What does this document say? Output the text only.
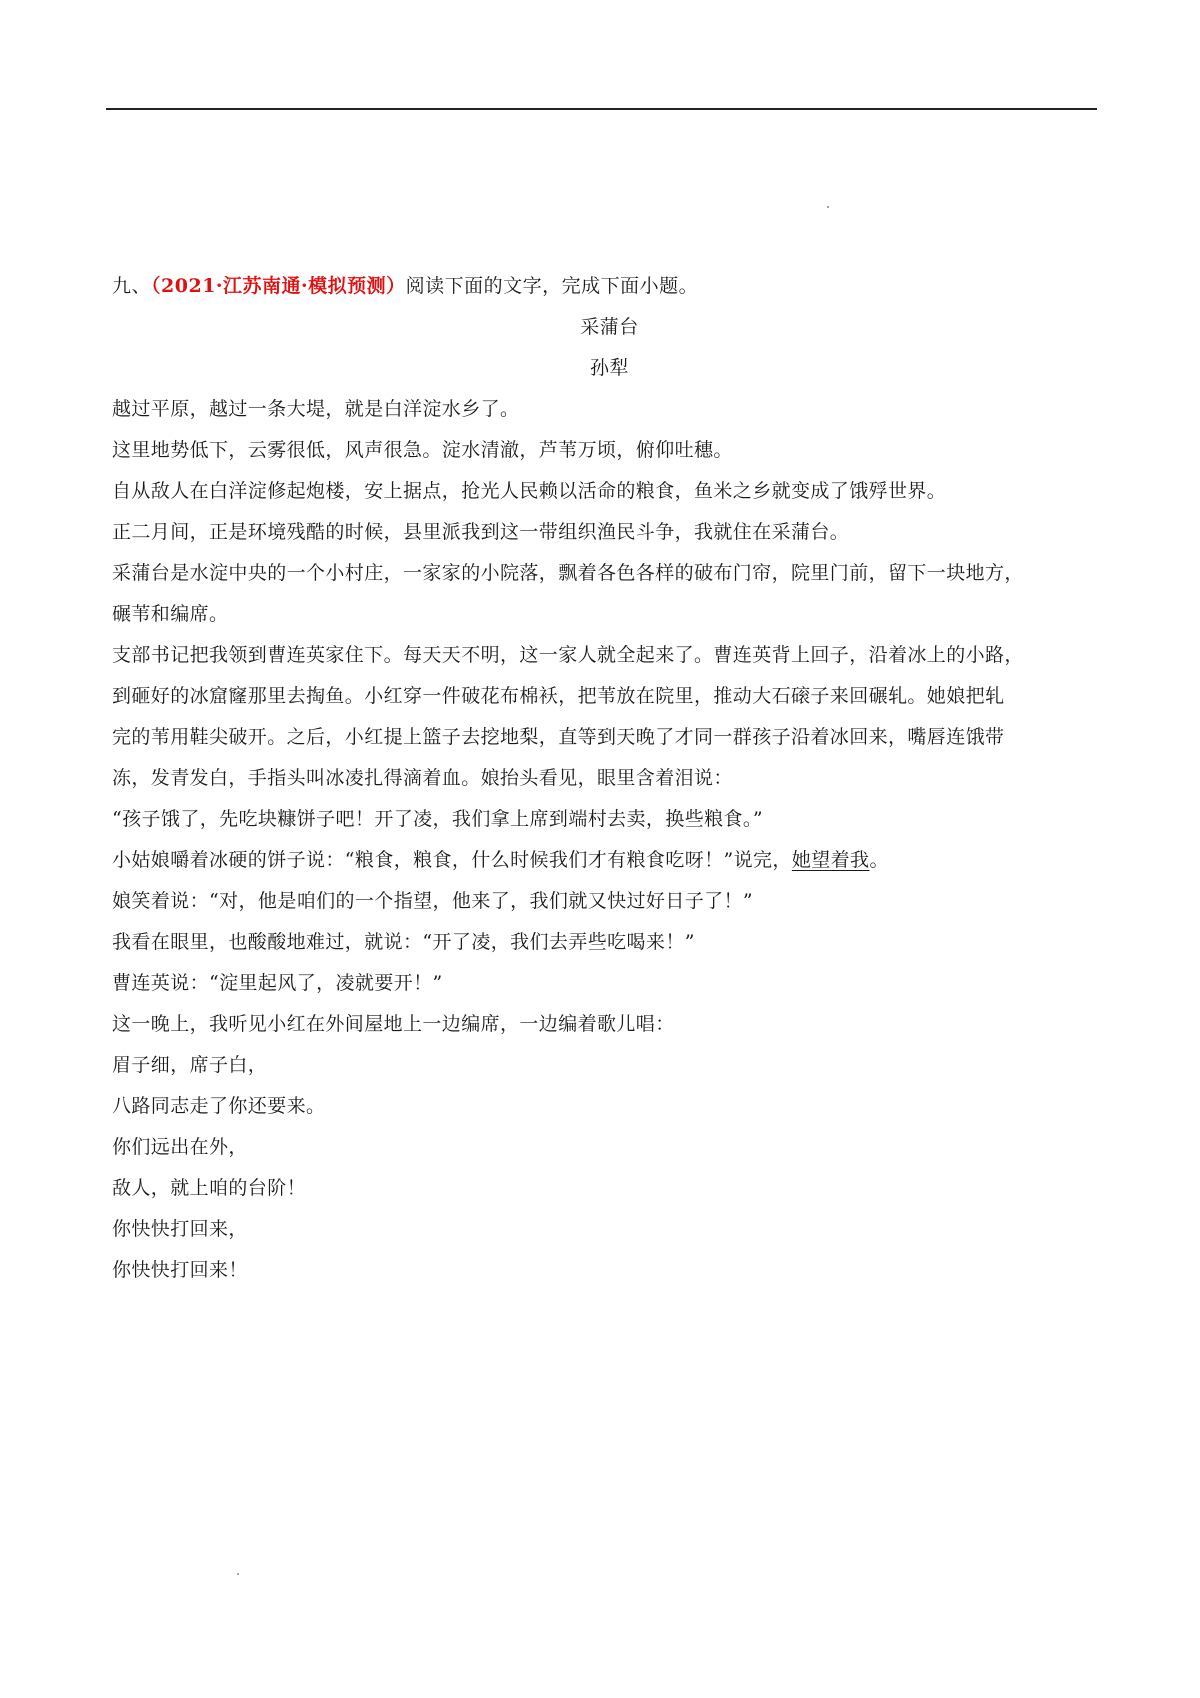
九、（2021·江苏南通·模拟预测）阅读下面的文字，完成下面小题。
采蒲台
孙犁
越过平原，越过一条大堤，就是白洋淀水乡了。
这里地势低下，云雾很低，风声很急。淀水清澈，芦苇万顷，俯仰吐穗。
自从敌人在白洋淀修起炮楼，安上据点，抢光人民赖以活命的粮食，鱼米之乡就变成了饿殍世界。
正二月间，正是环境残酷的时候，县里派我到这一带组织渔民斗争，我就住在采蒲台。
采蒲台是水淀中央的一个小村庄，一家家的小院落，飘着各色各样的破布门帘，院里门前，留下一块地方，
碾苇和编席。
支部书记把我领到曹连英家住下。每天天不明，这一家人就全起来了。曹连英背上回子，沿着冰上的小路，
到砸好的冰窟窿那里去掏鱼。小红穿一件破花布棉袄，把苇放在院里，推动大石磙子来回碾轧。她娘把轧
完的苇用鞋尖破开。之后，小红提上篮子去挖地梨，直等到天晚了才同一群孩子沿着冰回来，嘴唇连饿带
冻，发青发白，手指头叫冰凌扎得滴着血。娘抬头看见，眼里含着泪说：
“孩子饿了，先吃块糠饼子吧！开了凌，我们拿上席到端村去卖，换些粮食。”
小姑娘嚼着冰硬的饼子说：“粮食，粮食，什么时候我们才有粮食吃呀！”说完，她望着我。
娘笑着说：“对，他是咱们的一个指望，他来了，我们就又快过好日子了！”
我看在眼里，也酸酸地难过，就说：“开了凌，我们去弄些吃喝来！”
曹连英说：“淀里起风了，凌就要开！”
这一晚上，我听见小红在外间屋地上一边编席，一边编着歌儿唱：
眉子细，席子白，
八路同志走了你还要来。
你们远出在外，
敌人，就上咱的台阶！
你快快打回来，
你快快打回来！
